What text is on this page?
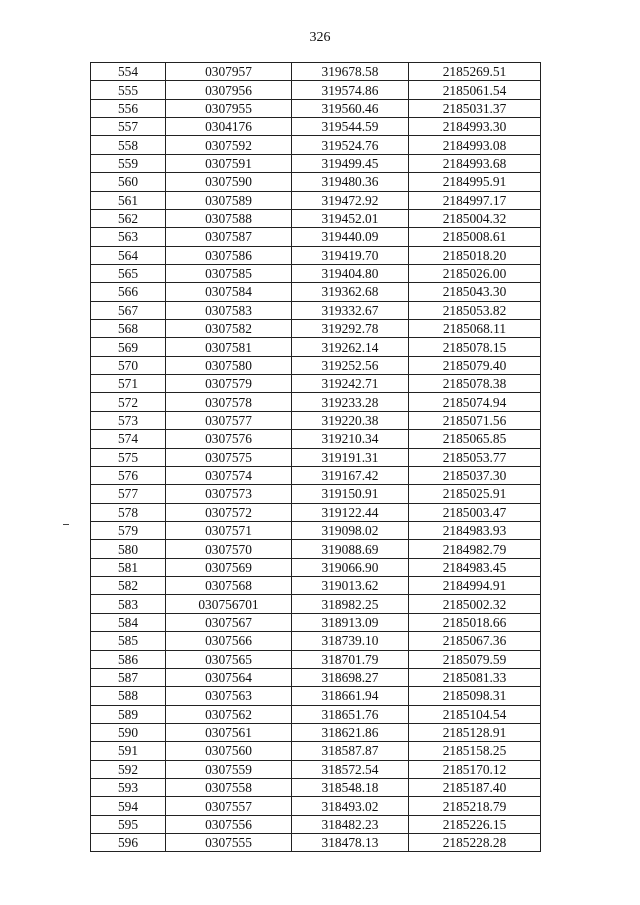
326
554	0307957	319678.58	2185269.51
555	0307956	319574.86	2185061.54
556	0307955	319560.46	2185031.37
557	0304176	319544.59	2184993.30
558	0307592	319524.76	2184993.08
559	0307591	319499.45	2184993.68
560	0307590	319480.36	2184995.91
561	0307589	319472.92	2184997.17
562	0307588	319452.01	2185004.32
563	0307587	319440.09	2185008.61
564	0307586	319419.70	2185018.20
565	0307585	319404.80	2185026.00
566	0307584	319362.68	2185043.30
567	0307583	319332.67	2185053.82
568	0307582	319292.78	2185068.11
569	0307581	319262.14	2185078.15
570	0307580	319252.56	2185079.40
571	0307579	319242.71	2185078.38
572	0307578	319233.28	2185074.94
573	0307577	319220.38	2185071.56
574	0307576	319210.34	2185065.85
575	0307575	319191.31	2185053.77
576	0307574	319167.42	2185037.30
577	0307573	319150.91	2185025.91
578	0307572	319122.44	2185003.47
579	0307571	319098.02	2184983.93
580	0307570	319088.69	2184982.79
581	0307569	319066.90	2184983.45
582	0307568	319013.62	2184994.91
583	030756701	318982.25	2185002.32
584	0307567	318913.09	2185018.66
585	0307566	318739.10	2185067.36
586	0307565	318701.79	2185079.59
587	0307564	318698.27	2185081.33
588	0307563	318661.94	2185098.31
589	0307562	318651.76	2185104.54
590	0307561	318621.86	2185128.91
591	0307560	318587.87	2185158.25
592	0307559	318572.54	2185170.12
593	0307558	318548.18	2185187.40
594	0307557	318493.02	2185218.79
595	0307556	318482.23	2185226.15
596	0307555	318478.13	2185228.28
